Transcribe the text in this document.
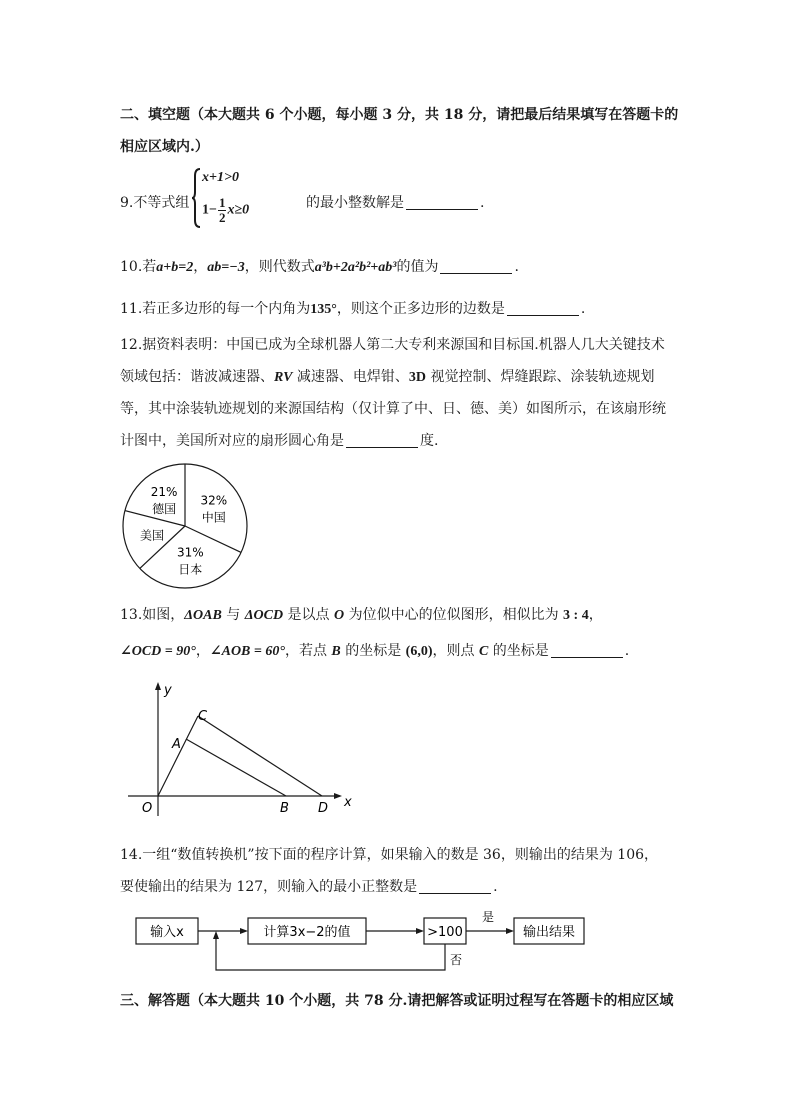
二、填空题（本大题共 6 个小题，每小题 3 分，共 18 分，请把最后结果填写在答题卡的
相应区域内.）
9.不等式组
x+1>0
$1- \frac{1}{2} x\ge 0$	的最小整数解是	.
10.若a+b=2，ab=−3，则代数式a³b+2a²b²+ab³的值为	.
11.若正多边形的每一个内角为135°，则这个正多边形的边数是	.
12.据资料表明：中国已成为全球机器人第二大专利来源国和目标国.机器人几大关键技术
领域包括：谐波减速器、RV 减速器、电焊钳、3D 视觉控制、焊缝跟踪、涂装轨迹规划
等，其中涂装轨迹规划的来源国结构（仅计算了中、日、德、美）如图所示，在该扇形统
计图中，美国所对应的扇形圆心角是	度.
32%
中国
31%
日本
美国
21%
德国
13.如图，ΔOAB 与 ΔOCD 是以点 O 为位似中心的位似图形，相似比为 3 : 4，
∠OCD = 90°，∠AOB = 60°，若点 B 的坐标是 (6,0)，则点 C 的坐标是	.
y
x
O
A
C
B D
14.一组“数值转换机”按下面的程序计算，如果输入的数是 36，则输出的结果为 106，
要使输出的结果为 127，则输入的最小正整数是	.
输入x	计算3x−2的值	>100
是
输出结果
否
三、解答题（本大题共 10 个小题，共 78 分.请把解答或证明过程写在答题卡的相应区域
